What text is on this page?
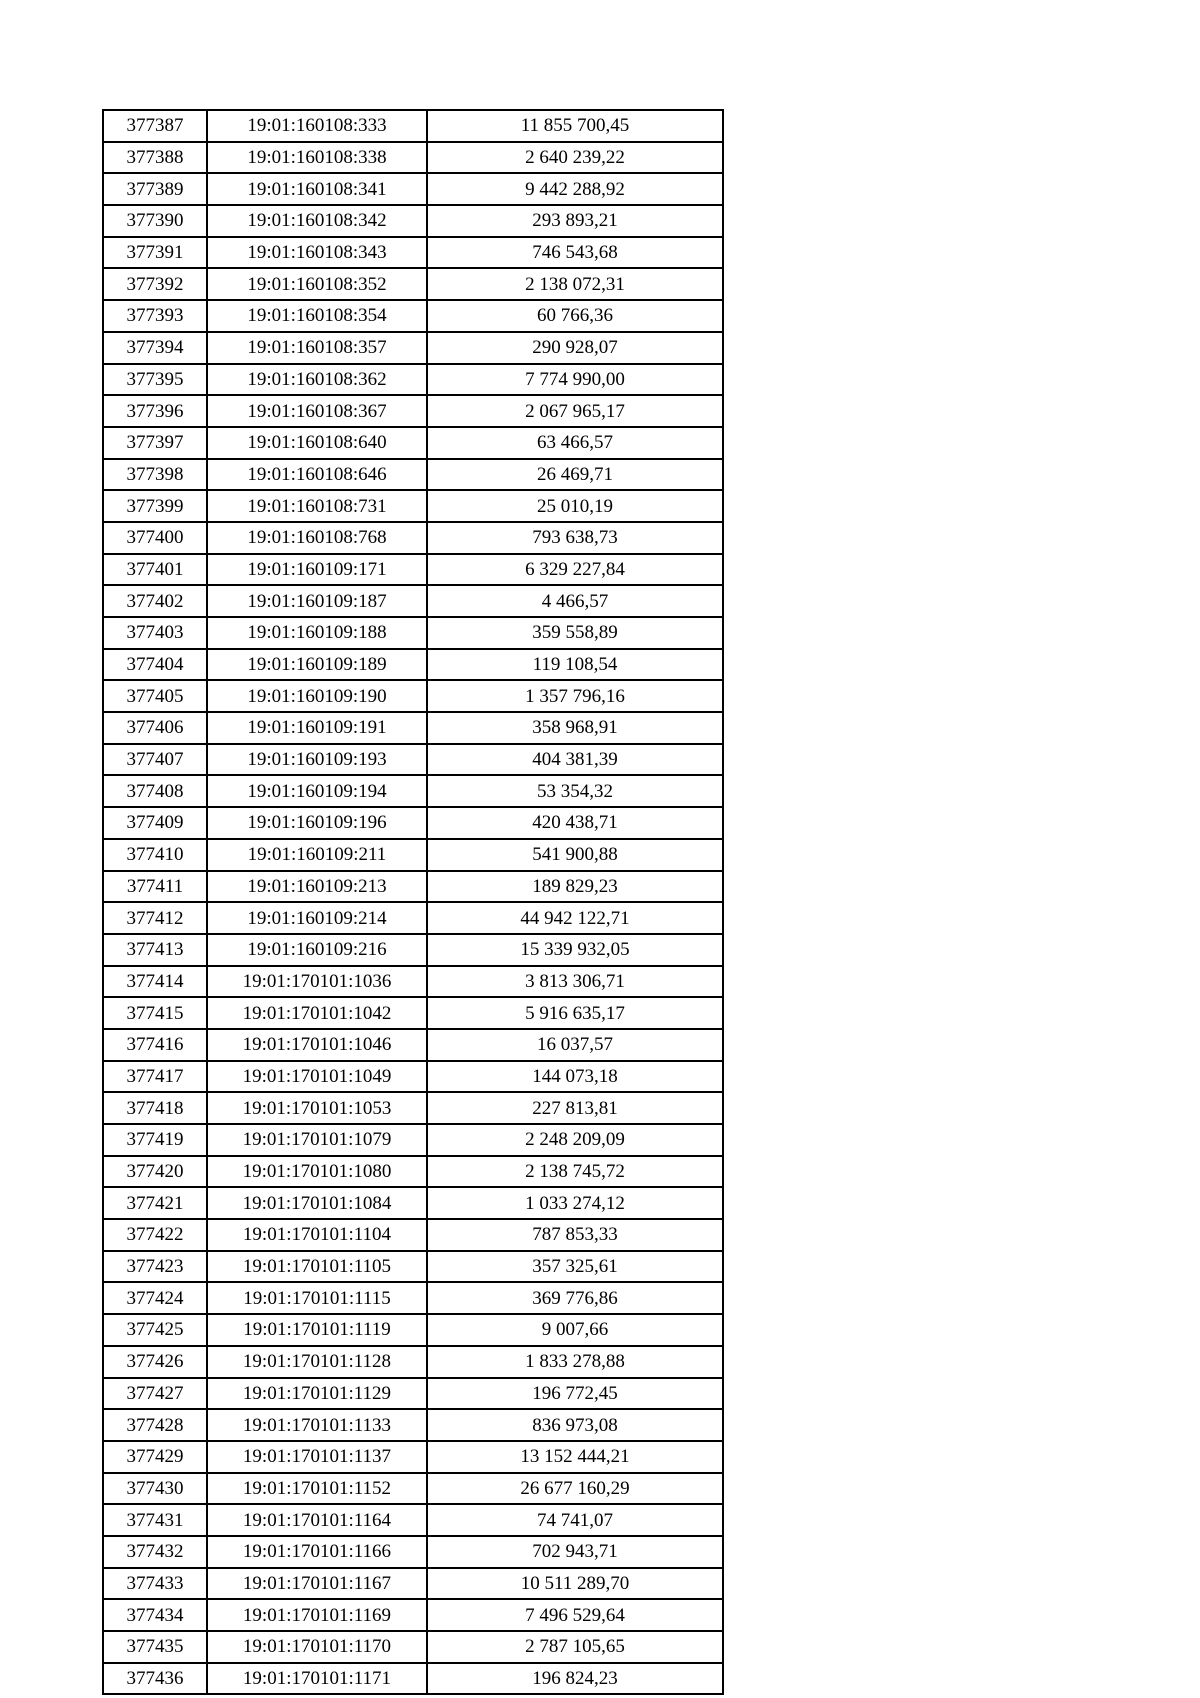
377387	19:01:160108:333	11 855 700,45
377388	19:01:160108:338	2 640 239,22
377389	19:01:160108:341	9 442 288,92
377390	19:01:160108:342	293 893,21
377391	19:01:160108:343	746 543,68
377392	19:01:160108:352	2 138 072,31
377393	19:01:160108:354	60 766,36
377394	19:01:160108:357	290 928,07
377395	19:01:160108:362	7 774 990,00
377396	19:01:160108:367	2 067 965,17
377397	19:01:160108:640	63 466,57
377398	19:01:160108:646	26 469,71
377399	19:01:160108:731	25 010,19
377400	19:01:160108:768	793 638,73
377401	19:01:160109:171	6 329 227,84
377402	19:01:160109:187	4 466,57
377403	19:01:160109:188	359 558,89
377404	19:01:160109:189	119 108,54
377405	19:01:160109:190	1 357 796,16
377406	19:01:160109:191	358 968,91
377407	19:01:160109:193	404 381,39
377408	19:01:160109:194	53 354,32
377409	19:01:160109:196	420 438,71
377410	19:01:160109:211	541 900,88
377411	19:01:160109:213	189 829,23
377412	19:01:160109:214	44 942 122,71
377413	19:01:160109:216	15 339 932,05
377414	19:01:170101:1036	3 813 306,71
377415	19:01:170101:1042	5 916 635,17
377416	19:01:170101:1046	16 037,57
377417	19:01:170101:1049	144 073,18
377418	19:01:170101:1053	227 813,81
377419	19:01:170101:1079	2 248 209,09
377420	19:01:170101:1080	2 138 745,72
377421	19:01:170101:1084	1 033 274,12
377422	19:01:170101:1104	787 853,33
377423	19:01:170101:1105	357 325,61
377424	19:01:170101:1115	369 776,86
377425	19:01:170101:1119	9 007,66
377426	19:01:170101:1128	1 833 278,88
377427	19:01:170101:1129	196 772,45
377428	19:01:170101:1133	836 973,08
377429	19:01:170101:1137	13 152 444,21
377430	19:01:170101:1152	26 677 160,29
377431	19:01:170101:1164	74 741,07
377432	19:01:170101:1166	702 943,71
377433	19:01:170101:1167	10 511 289,70
377434	19:01:170101:1169	7 496 529,64
377435	19:01:170101:1170	2 787 105,65
377436	19:01:170101:1171	196 824,23
